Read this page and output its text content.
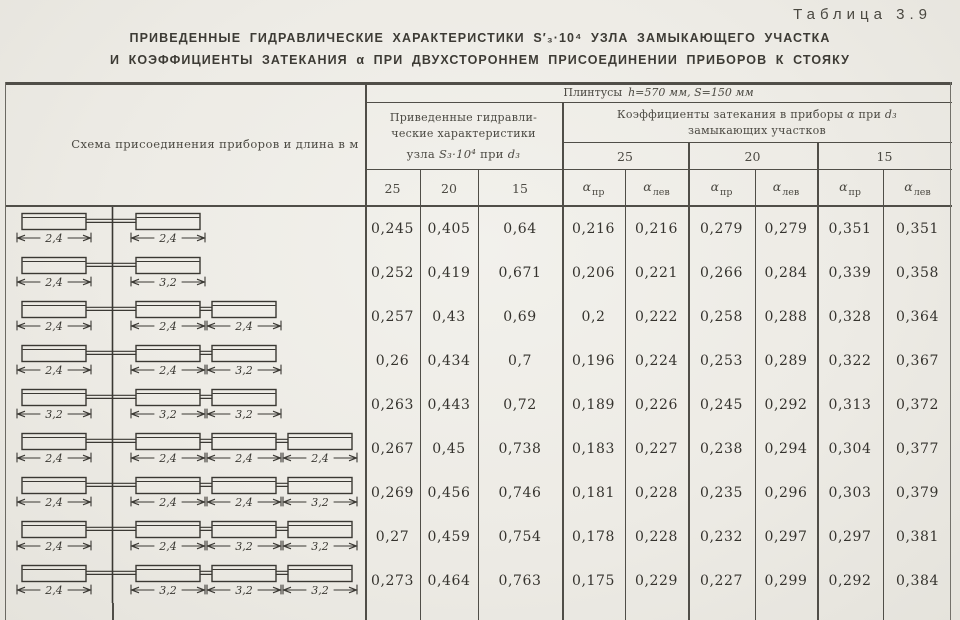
Таблица 3.9
ПРИВЕДЕННЫЕ ГИДРАВЛИЧЕСКИЕ ХАРАКТЕРИСТИКИ S′₃·10⁴ УЗЛА ЗАМЫКАЮЩЕГО УЧАСТКА
И КОЭФФИЦИЕНТЫ ЗАТЕКАНИЯ α ПРИ ДВУХСТОРОННЕМ ПРИСОЕДИНЕНИИ ПРИБОРОВ К СТОЯКУ
Схема присоединения приборов и длина в м
Плинтусы h=570 мм, S=150 мм
Приведенные гидравли-
ческие характеристики
узла S₃·10⁴ при d₃
Коэффициенты затекания в приборы α при d₃
замыкающих участков
25	20	15
25	20	15	$\alpha_{пр}$	$\alpha_{лев}$	$\alpha_{пр}$	$\alpha_{лев}$	$\alpha_{пр}$	$\alpha_{лев}$
2,4	2,4
0,245 0,405	0,64	0,216	0,216	0,279	0,279	0,351	0,351
2,4	3,2
0,252 0,419	0,671	0,206	0,221	0,266	0,284	0,339	0,358
2,4	2,4	2,4
0,257	0,43	0,69	0,2	0,222	0,258	0,288	0,328	0,364
2,4	2,4	3,2
0,26	0,434	0,7	0,196	0,224	0,253	0,289	0,322	0,367
3,2	3,2	3,2
0,263 0,443	0,72	0,189	0,226	0,245	0,292	0,313	0,372
2,4	2,4	2,4	2,4
0,267	0,45	0,738	0,183	0,227	0,238	0,294	0,304	0,377
2,4	2,4	2,4	3,2
0,269 0,456	0,746	0,181	0,228	0,235	0,296	0,303	0,379
2,4	2,4	3,2	3,2
0,27	0,459	0,754	0,178	0,228	0,232	0,297	0,297	0,381
2,4	3,2	3,2	3,2
0,273 0,464	0,763	0,175	0,229	0,227	0,299	0,292	0,384
